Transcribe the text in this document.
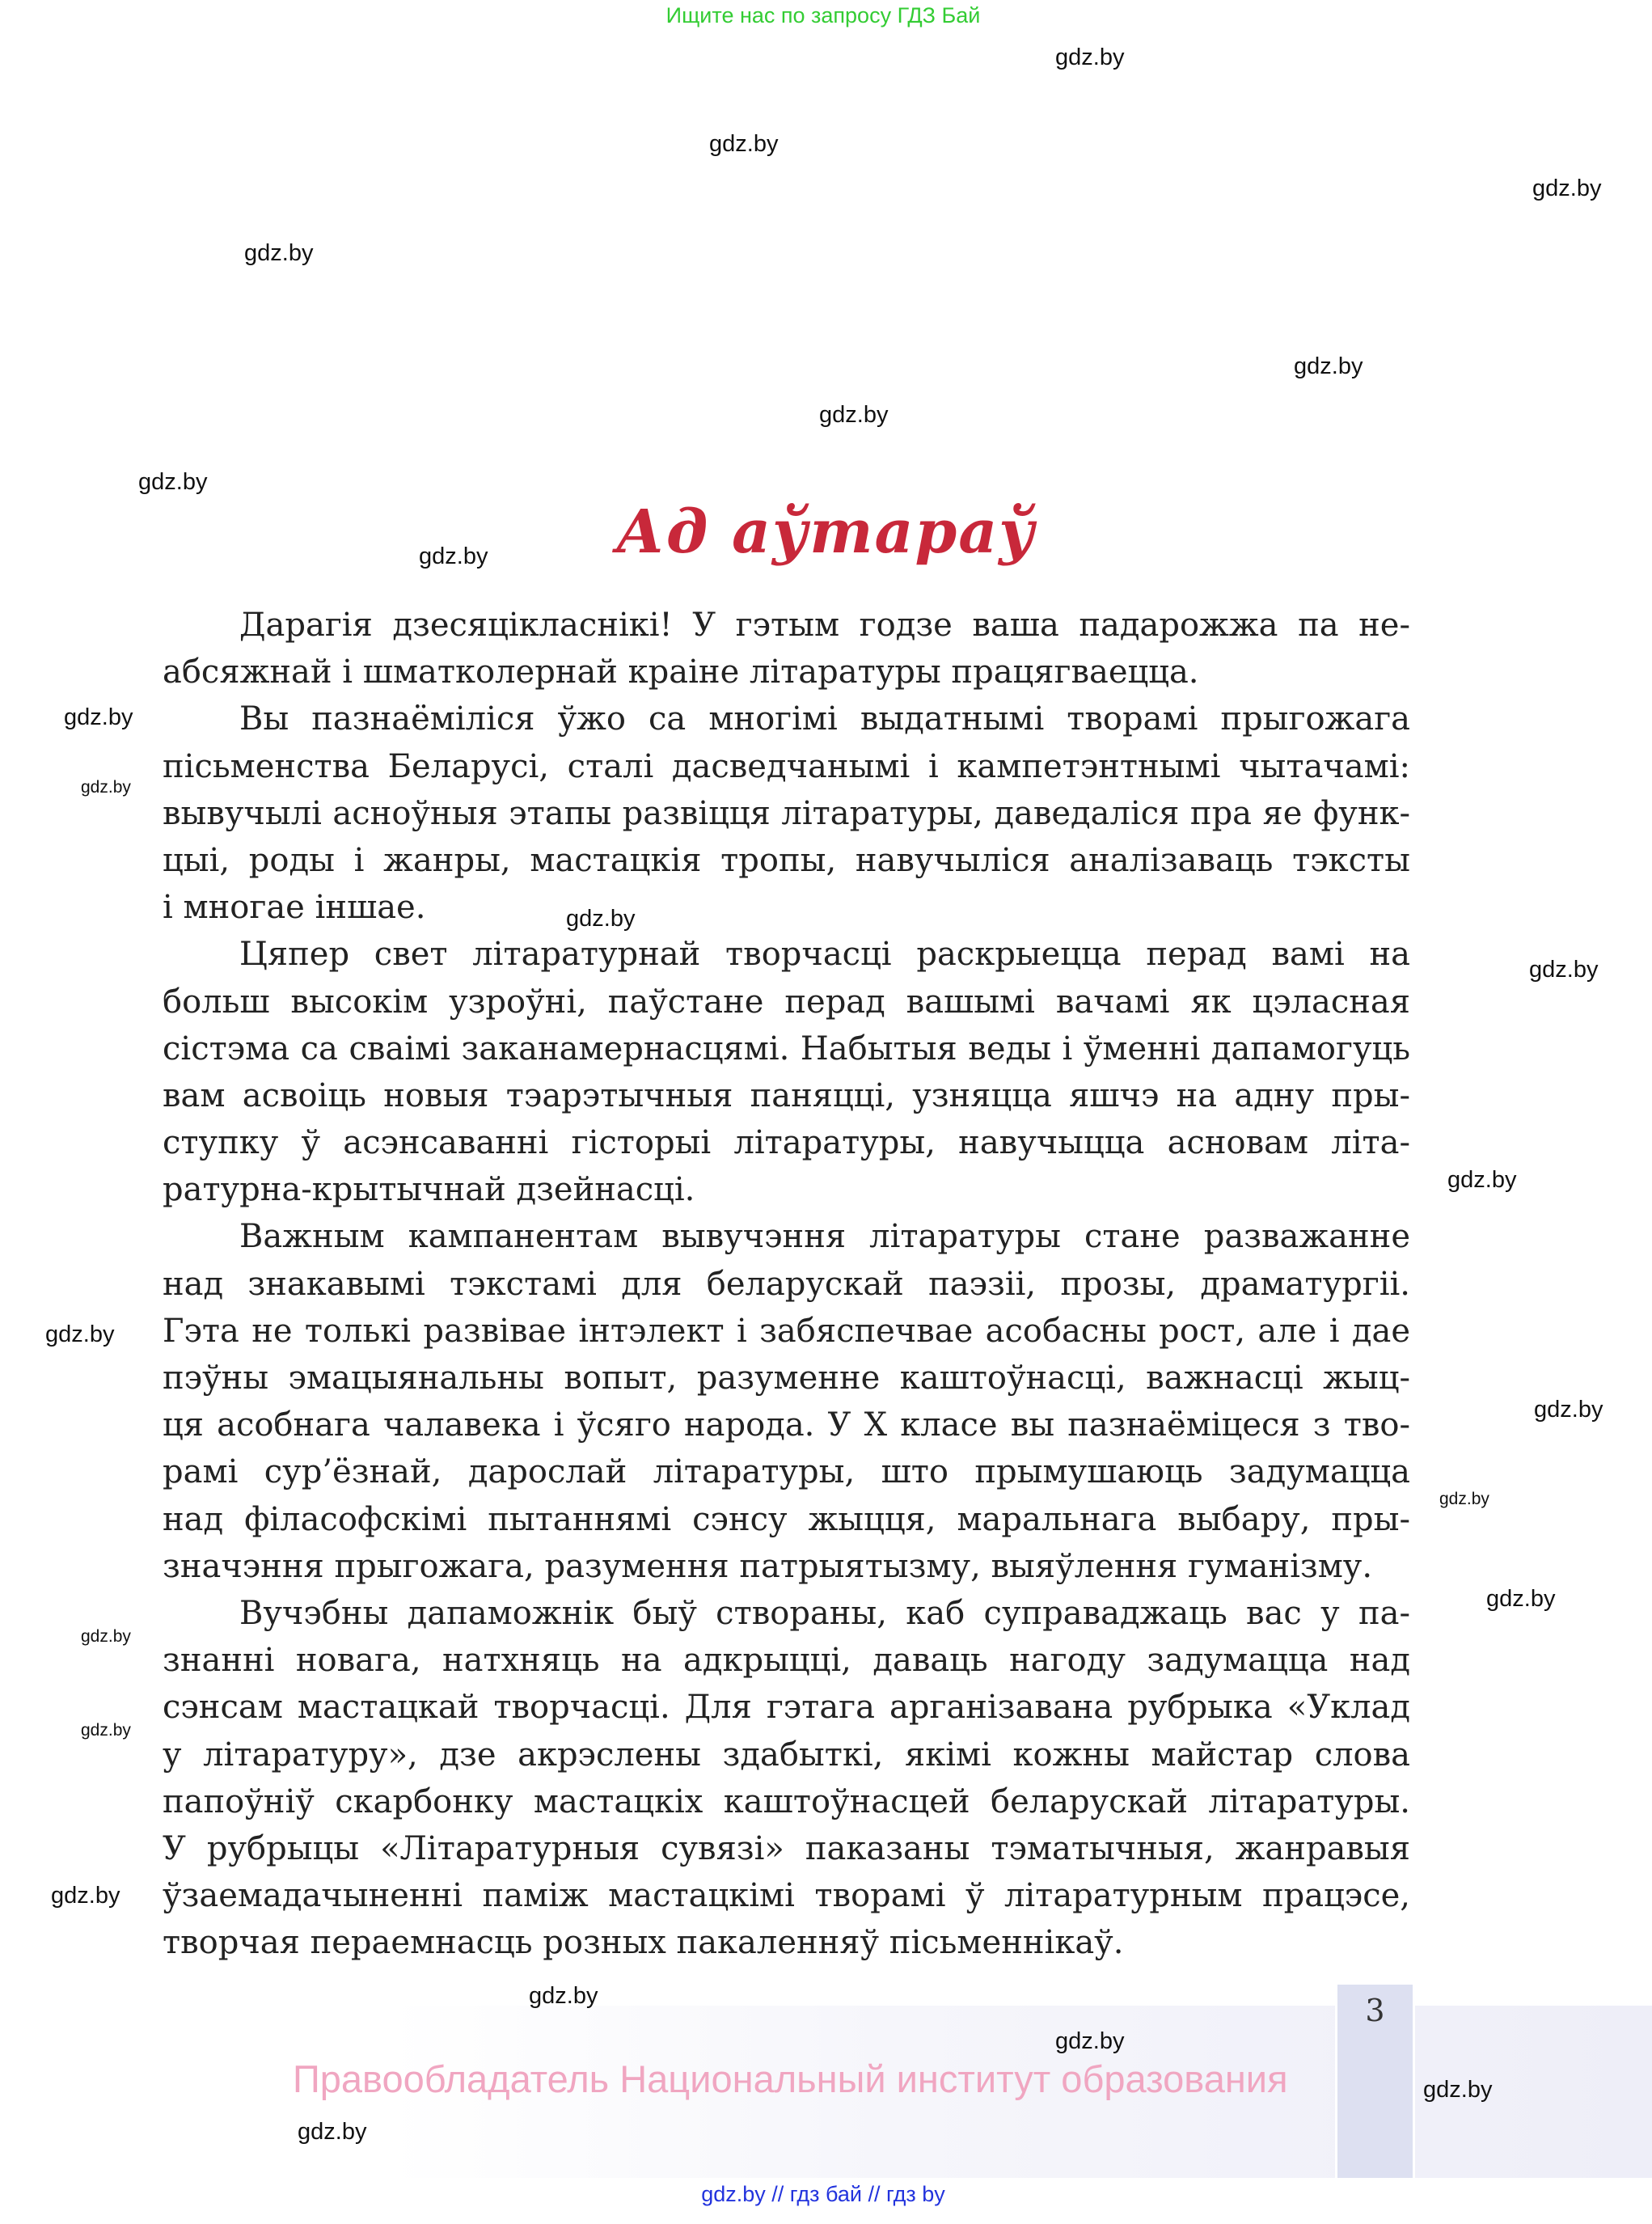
Ищите нас по запросу ГДЗ Бай
Ад аўтараў
Дарагія дзесяцікласнікі! У гэтым годзе ваша падарожжа па не-
абсяжнай і шматколернай краіне літаратуры працягваецца.
Вы пазнаёміліся ўжо са многімі выдатнымі творамі прыгожага
пісьменства Беларусі, сталі дасведчанымі і кампетэнтнымі чытачамі:
вывучылі асноўныя этапы развіцця літаратуры, даведаліся пра яе функ-
цыі, роды і жанры, мастацкія тропы, навучыліся аналізаваць тэксты
і многае іншае.
Цяпер свет літаратурнай творчасці раскрыецца перад вамі на
больш высокім узроўні, паўстане перад вашымі вачамі як цэласная
сістэма са сваімі заканамернасцямі. Набытыя веды і ўменні дапамогуць
вам асвоіць новыя тэарэтычныя паняцці, узняцца яшчэ на адну пры-
ступку ў асэнсаванні гісторыі літаратуры, навучыцца асновам літа-
ратурна-крытычнай дзейнасці.
Важным кампанентам вывучэння літаратуры стане разважанне
над знакавымі тэкстамі для беларускай паэзіі, прозы, драматургіі.
Гэта не толькі развівае інтэлект і забяспечвае асобасны рост, але і дае
пэўны эмацыянальны вопыт, разуменне каштоўнасці, важнасці жыц-
ця асобнага чалавека і ўсяго народа. У Х класе вы пазнаёміцеся з тво-
рамі сур’ёзнай, дарослай літаратуры, што прымушаюць задумацца
над філасофскімі пытаннямі сэнсу жыцця, маральнага выбару, пры-
значэння прыгожага, разумення патрыятызму, выяўлення гуманізму.
Вучэбны дапаможнік быў створаны, каб суправаджаць вас у па-
знанні новага, натхняць на адкрыцці, даваць нагоду задумацца над
сэнсам мастацкай творчасці. Для гэтага арганізавана рубрыка «Уклад
у літаратуру», дзе акрэслены здабыткі, якімі кожны майстар слова
папоўніў скарбонку мастацкіх каштоўнасцей беларускай літаратуры.
У рубрыцы «Літаратурныя сувязі» паказаны тэматычныя, жанравыя
ўзаемадачыненні паміж мастацкімі творамі ў літаратурным працэсе,
творчая пераемнасць розных пакаленняў пісьменнікаў.
3
Правообладатель Национальный институт образования
gdz.by // гдз бай // гдз by
gdz.by
gdz.by
gdz.by
gdz.by
gdz.by
gdz.by
gdz.by
gdz.by
gdz.by
gdz.by
gdz.by
gdz.by
gdz.by
gdz.by
gdz.by
gdz.by
gdz.by
gdz.by
gdz.by
gdz.by
gdz.by
gdz.by
gdz.by
gdz.by
